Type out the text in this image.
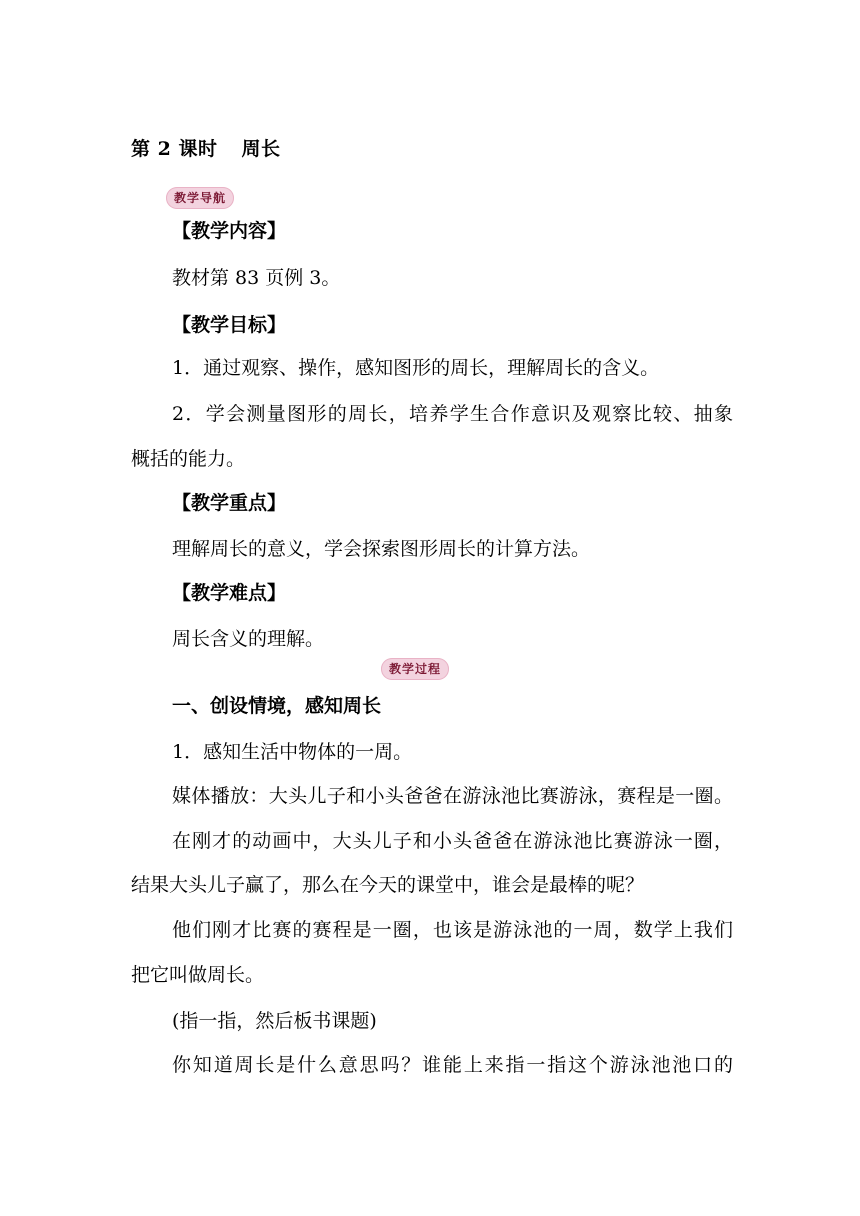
第 2 课时 周长
教学导航
【教学内容】
教材第 83 页例 3。
【教学目标】
1．通过观察、操作，感知图形的周长，理解周长的含义。
2．学会测量图形的周长，培养学生合作意识及观察比较、抽象
概括的能力。
【教学重点】
理解周长的意义，学会探索图形周长的计算方法。
【教学难点】
周长含义的理解。
教学过程
一、创设情境，感知周长
1．感知生活中物体的一周。
媒体播放：大头儿子和小头爸爸在游泳池比赛游泳，赛程是一圈。
在刚才的动画中，大头儿子和小头爸爸在游泳池比赛游泳一圈，
结果大头儿子赢了，那么在今天的课堂中，谁会是最棒的呢？
他们刚才比赛的赛程是一圈，也该是游泳池的一周，数学上我们
把它叫做周长。
(指一指，然后板书课题)
你知道周长是什么意思吗？谁能上来指一指这个游泳池池口的
